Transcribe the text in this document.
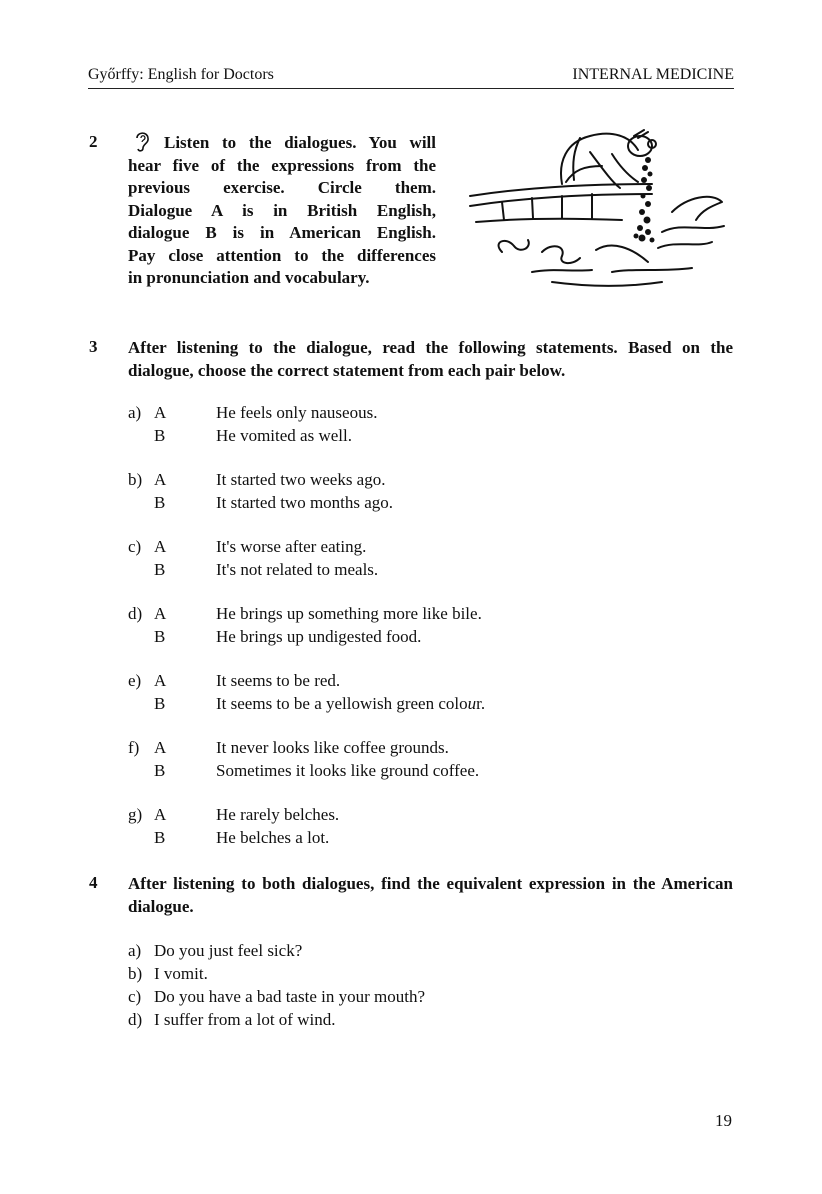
Győrffy: English for Doctors	INTERNAL MEDICINE
2	Listen to the dialogues. You will
hear five of the expressions from the
previous exercise. Circle them.
Dialogue A is in British English,
dialogue B is in American English.
Pay close attention to the differences
in pronunciation and vocabulary.
3 After listening to the dialogue, read the following statements. Based on the dialogue, choose the correct statement from each pair below.
a) A	He feels only nauseous.
B	He vomited as well.
b) A	It started two weeks ago.
B	It started two months ago.
c) A	It's worse after eating.
B	It's not related to meals.
d) A	He brings up something more like bile.
B	He brings up undigested food.
e) A	It seems to be red.
B	It seems to be a yellowish green colour.
f) A	It never looks like coffee grounds.
B	Sometimes it looks like ground coffee.
g) A	He rarely belches.
B	He belches a lot.
4 After listening to both dialogues, find the equivalent expression in the American dialogue.
a) Do you just feel sick?
b) I vomit.
c) Do you have a bad taste in your mouth?
d) I suffer from a lot of wind.
19
